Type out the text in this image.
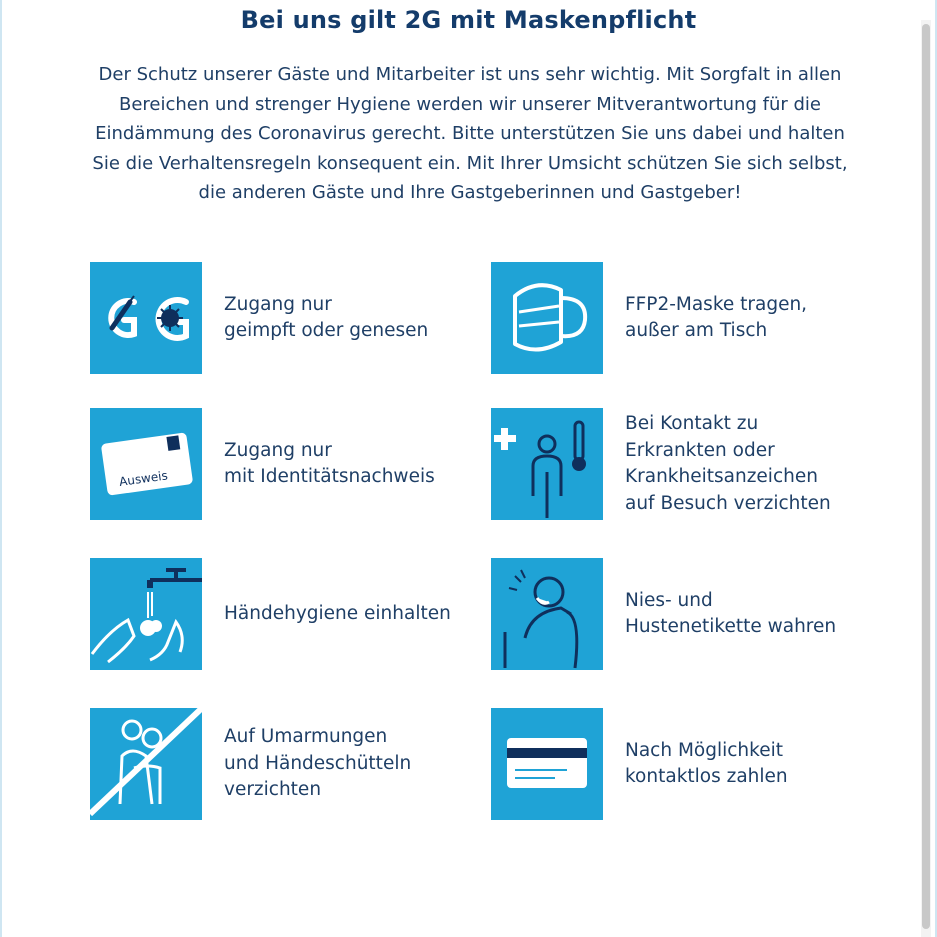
Bei uns gilt 2G mit Maskenpflicht
Der Schutz unserer Gäste und Mitarbeiter ist uns sehr wichtig. Mit Sorgfalt in allen
Bereichen und strenger Hygiene werden wir unserer Mitverantwortung für die
Eindämmung des Coronavirus gerecht. Bitte unterstützen Sie uns dabei und halten
Sie die Verhaltensregeln konsequent ein. Mit Ihrer Umsicht schützen Sie sich selbst,
die anderen Gäste und Ihre Gastgeberinnen und Gastgeber!
Zugang nur
geimpft oder genesen
FFP2-Maske tragen,
außer am Tisch
Ausweis
Zugang nur
mit Identitätsnachweis
Bei Kontakt zu
Erkrankten oder
Krankheitsanzeichen
auf Besuch verzichten
Händehygiene einhalten
Nies- und
Hustenetikette wahren
Auf Umarmungen
und Händeschütteln
verzichten
Nach Möglichkeit
kontaktlos zahlen
